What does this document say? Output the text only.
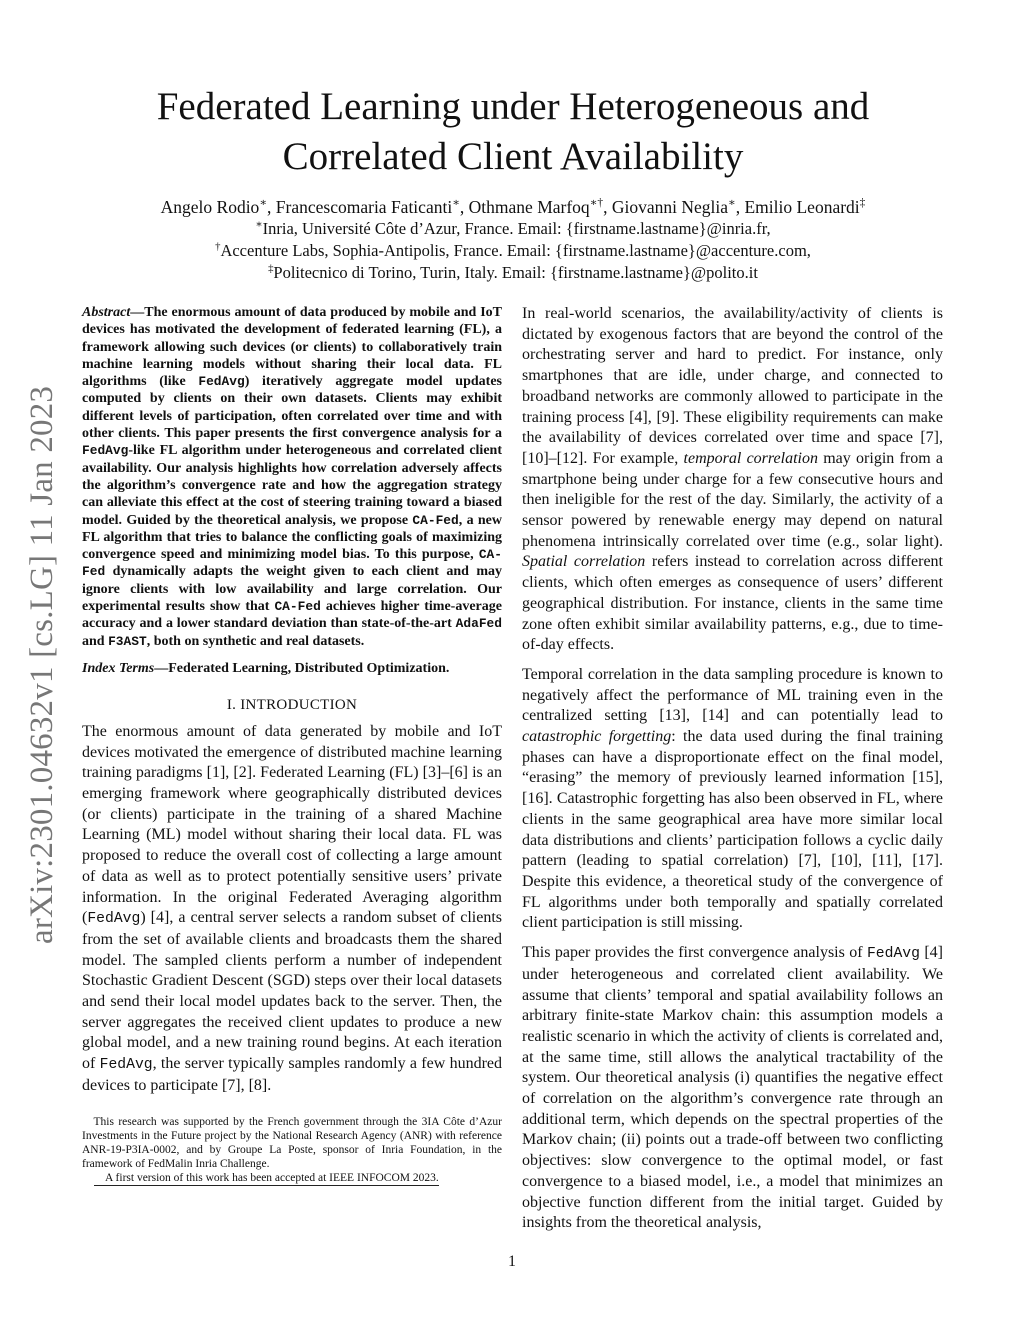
arXiv:2301.04632v1 [cs.LG] 11 Jan 2023
Federated Learning under Heterogeneous and
Correlated Client Availability
Angelo Rodio∗, Francescomaria Faticanti∗, Othmane Marfoq∗†, Giovanni Neglia∗, Emilio Leonardi‡
∗Inria, Université Côte d’Azur, France. Email: {firstname.lastname}@inria.fr,
†Accenture Labs, Sophia-Antipolis, France. Email: {firstname.lastname}@accenture.com,
‡Politecnico di Torino, Turin, Italy. Email: {firstname.lastname}@polito.it

Abstract—The enormous amount of data produced by mobile and IoT devices has motivated the development of federated learning (FL), a framework allowing such devices (or clients) to collaboratively train machine learning models without sharing their local data. FL algorithms (like FedAvg) iteratively aggregate model updates computed by clients on their own datasets. Clients may exhibit different levels of participation, often correlated over time and with other clients. This paper presents the first convergence analysis for a FedAvg-like FL algorithm under heterogeneous and correlated client availability. Our analysis highlights how correlation adversely affects the algorithm’s convergence rate and how the aggregation strategy can alleviate this effect at the cost of steering training toward a biased model. Guided by the theoretical analysis, we propose CA-Fed, a new FL algorithm that tries to balance the conflicting goals of maximizing convergence speed and minimizing model bias. To this purpose, CA-Fed dynamically adapts the weight given to each client and may ignore clients with low availability and large correlation. Our experimental results show that CA-Fed achieves higher time-average accuracy and a lower standard deviation than state-of-the-art AdaFed and F3AST, both on synthetic and real datasets.

Index Terms—Federated Learning, Distributed Optimization.

I. INTRODUCTION

The enormous amount of data generated by mobile and IoT devices motivated the emergence of distributed machine learning training paradigms [1], [2]. Federated Learning (FL) [3]–[6] is an emerging framework where geographically distributed devices (or clients) participate in the training of a shared Machine Learning (ML) model without sharing their local data. FL was proposed to reduce the overall cost of collecting a large amount of data as well as to protect potentially sensitive users’ private information. In the original Federated Averaging algorithm (FedAvg) [4], a central server selects a random subset of clients from the set of available clients and broadcasts them the shared model. The sampled clients perform a number of independent Stochastic Gradient Descent (SGD) steps over their local datasets and send their local model updates back to the server. Then, the server aggregates the received client updates to produce a new global model, and a new training round begins. At each iteration of FedAvg, the server typically samples randomly a few hundred devices to participate [7], [8].

This research was supported by the French government through the 3IA Côte d’Azur Investments in the Future project by the National Research Agency (ANR) with reference ANR-19-P3IA-0002, and by Groupe La Poste, sponsor of Inria Foundation, in the framework of FedMalin Inria Challenge.

A first version of this work has been accepted at IEEE INFOCOM 2023.

In real-world scenarios, the availability/activity of clients is dictated by exogenous factors that are beyond the control of the orchestrating server and hard to predict. For instance, only smartphones that are idle, under charge, and connected to broadband networks are commonly allowed to participate in the training process [4], [9]. These eligibility requirements can make the availability of devices correlated over time and space [7], [10]–[12]. For example, temporal correlation may origin from a smartphone being under charge for a few consecutive hours and then ineligible for the rest of the day. Similarly, the activity of a sensor powered by renewable energy may depend on natural phenomena intrinsically correlated over time (e.g., solar light). Spatial correlation refers instead to correlation across different clients, which often emerges as consequence of users’ different geographical distribution. For instance, clients in the same time zone often exhibit similar availability patterns, e.g., due to time-of-day effects.

Temporal correlation in the data sampling procedure is known to negatively affect the performance of ML training even in the centralized setting [13], [14] and can potentially lead to catastrophic forgetting: the data used during the final training phases can have a disproportionate effect on the final model, “erasing” the memory of previously learned information [15], [16]. Catastrophic forgetting has also been observed in FL, where clients in the same geographical area have more similar local data distributions and clients’ participation follows a cyclic daily pattern (leading to spatial correlation) [7], [10], [11], [17]. Despite this evidence, a theoretical study of the convergence of FL algorithms under both temporally and spatially correlated client participation is still missing.

This paper provides the first convergence analysis of FedAvg [4] under heterogeneous and correlated client availability. We assume that clients’ temporal and spatial availability follows an arbitrary finite-state Markov chain: this assumption models a realistic scenario in which the activity of clients is correlated and, at the same time, still allows the analytical tractability of the system. Our theoretical analysis (i) quantifies the negative effect of correlation on the algorithm’s convergence rate through an additional term, which depends on the spectral properties of the Markov chain; (ii) points out a trade-off between two conflicting objectives: slow convergence to the optimal model, or fast convergence to a biased model, i.e., a model that minimizes an objective function different from the initial target. Guided by insights from the theoretical analysis,

1
